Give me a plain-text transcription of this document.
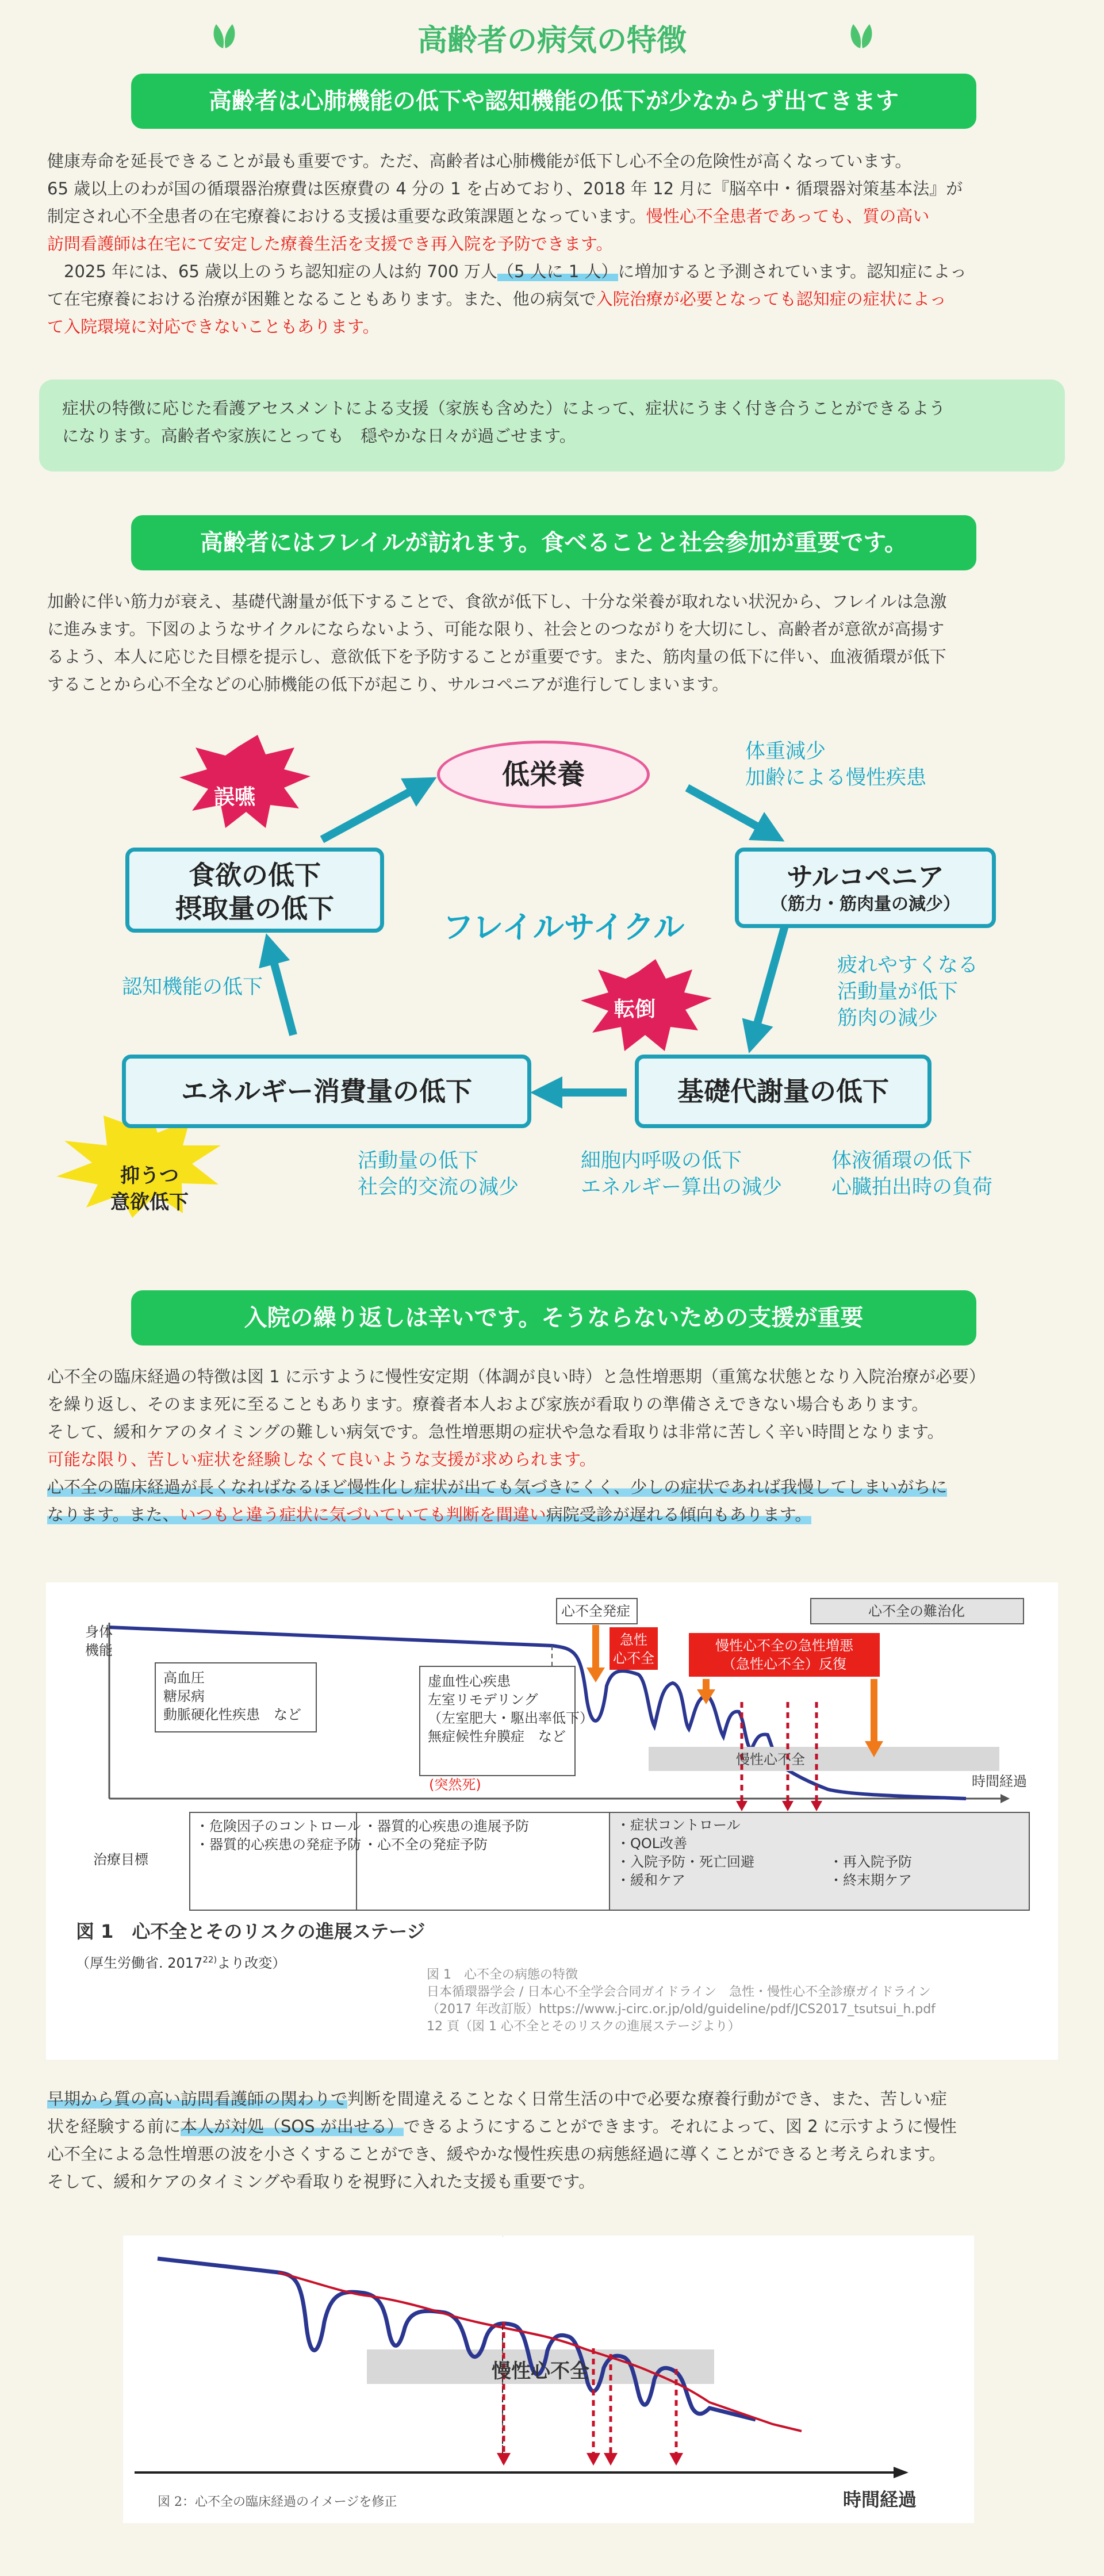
高齢者の病気の特徴
高齢者は心肺機能の低下や認知機能の低下が少なからず出てきます
健康寿命を延長できることが最も重要です。ただ、高齢者は心肺機能が低下し心不全の危険性が高くなっています。
65 歳以上のわが国の循環器治療費は医療費の 4 分の 1 を占めており、2018 年 12 月に『脳卒中・循環器対策基本法』が
制定され心不全患者の在宅療養における支援は重要な政策課題となっています。慢性心不全患者であっても、質の高い
訪問看護師は在宅にて安定した療養生活を支援でき再入院を予防できます。
　2025 年には、65 歳以上のうち認知症の人は約 700 万人（5 人に 1 人）に増加すると予測されています。認知症によっ
て在宅療養における治療が困難となることもあります。また、他の病気で入院治療が必要となっても認知症の症状によっ
て入院環境に対応できないこともあります。
症状の特徴に応じた看護アセスメントによる支援（家族も含めた）によって、症状にうまく付き合うことができるよう
になります。高齢者や家族にとっても　穏やかな日々が過ごせます。
高齢者にはフレイルが訪れます。食べることと社会参加が重要です。
加齢に伴い筋力が衰え、基礎代謝量が低下することで、食欲が低下し、十分な栄養が取れない状況から、フレイルは急激
に進みます。下図のようなサイクルにならないよう、可能な限り、社会とのつながりを大切にし、高齢者が意欲が高揚す
るよう、本人に応じた目標を提示し、意欲低下を予防することが重要です。また、筋肉量の低下に伴い、血液循環が低下
することから心不全などの心肺機能の低下が起こり、サルコペニアが進行してしまいます。
低栄養
サルコペニア
（筋力・筋肉量の減少）
基礎代謝量の低下
エネルギー消費量の低下
食欲の低下
摂取量の低下
フレイルサイクル
誤嚥
転倒
抑うつ
意欲低下
体重減少
加齢による慢性疾患
疲れやすくなる
活動量が低下
筋肉の減少
認知機能の低下
活動量の低下
社会的交流の減少
細胞内呼吸の低下
エネルギー算出の減少
体液循環の低下
心臓拍出時の負荷
入院の繰り返しは辛いです。そうならないための支援が重要
心不全の臨床経過の特徴は図 1 に示すように慢性安定期（体調が良い時）と急性増悪期（重篤な状態となり入院治療が必要）
を繰り返し、そのまま死に至ることもあります。療養者本人および家族が看取りの準備さえできない場合もあります。
そして、緩和ケアのタイミングの難しい病気です。急性増悪期の症状や急な看取りは非常に苦しく辛い時間となります。
可能な限り、苦しい症状を経験しなくて良いような支援が求められます。
心不全の臨床経過が長くなればなるほど慢性化し症状が出ても気づきにくく、少しの症状であれば我慢してしまいがちに
なります。また、いつもと違う症状に気づいていても判断を間違い病院受診が遅れる傾向もあります。
身体
機能
高血圧
糖尿病
動脈硬化性疾患　など
虚血性心疾患
左室リモデリング
（左室肥大・駆出率低下）
無症候性弁膜症　など
(突然死)
心不全発症	心不全の難治化
急性
心不全
慢性心不全の急性増悪
（急性心不全）反復
慢性心不全
時間経過
治療目標
・危険因子のコントロール
・器質的心疾患の発症予防
・器質的心疾患の進展予防
・心不全の発症予防
・症状コントロール
・QOL改善
・入院予防・死亡回避
・緩和ケア
・再入院予防
・終末期ケア
図 1　心不全とそのリスクの進展ステージ
（厚生労働省. 2017$^{22)}$より改変）
図 1　心不全の病態の特徴
日本循環器学会 / 日本心不全学会合同ガイドライン　急性・慢性心不全診療ガイドライン
（2017 年改訂版）https://www.j-circ.or.jp/old/guideline/pdf/JCS2017_tsutsui_h.pdf
12 頁（図 1 心不全とそのリスクの進展ステージより）
早期から質の高い訪問看護師の関わりで判断を間違えることなく日常生活の中で必要な療養行動ができ、また、苦しい症
状を経験する前に本人が対処（SOS が出せる）できるようにすることができます。それによって、図 2 に示すように慢性
心不全による急性増悪の波を小さくすることができ、緩やかな慢性疾患の病態経過に導くことができると考えられます。
そして、緩和ケアのタイミングや看取りを視野に入れた支援も重要です。
慢性心不全
時間経過
図 2：心不全の臨床経過のイメージを修正
